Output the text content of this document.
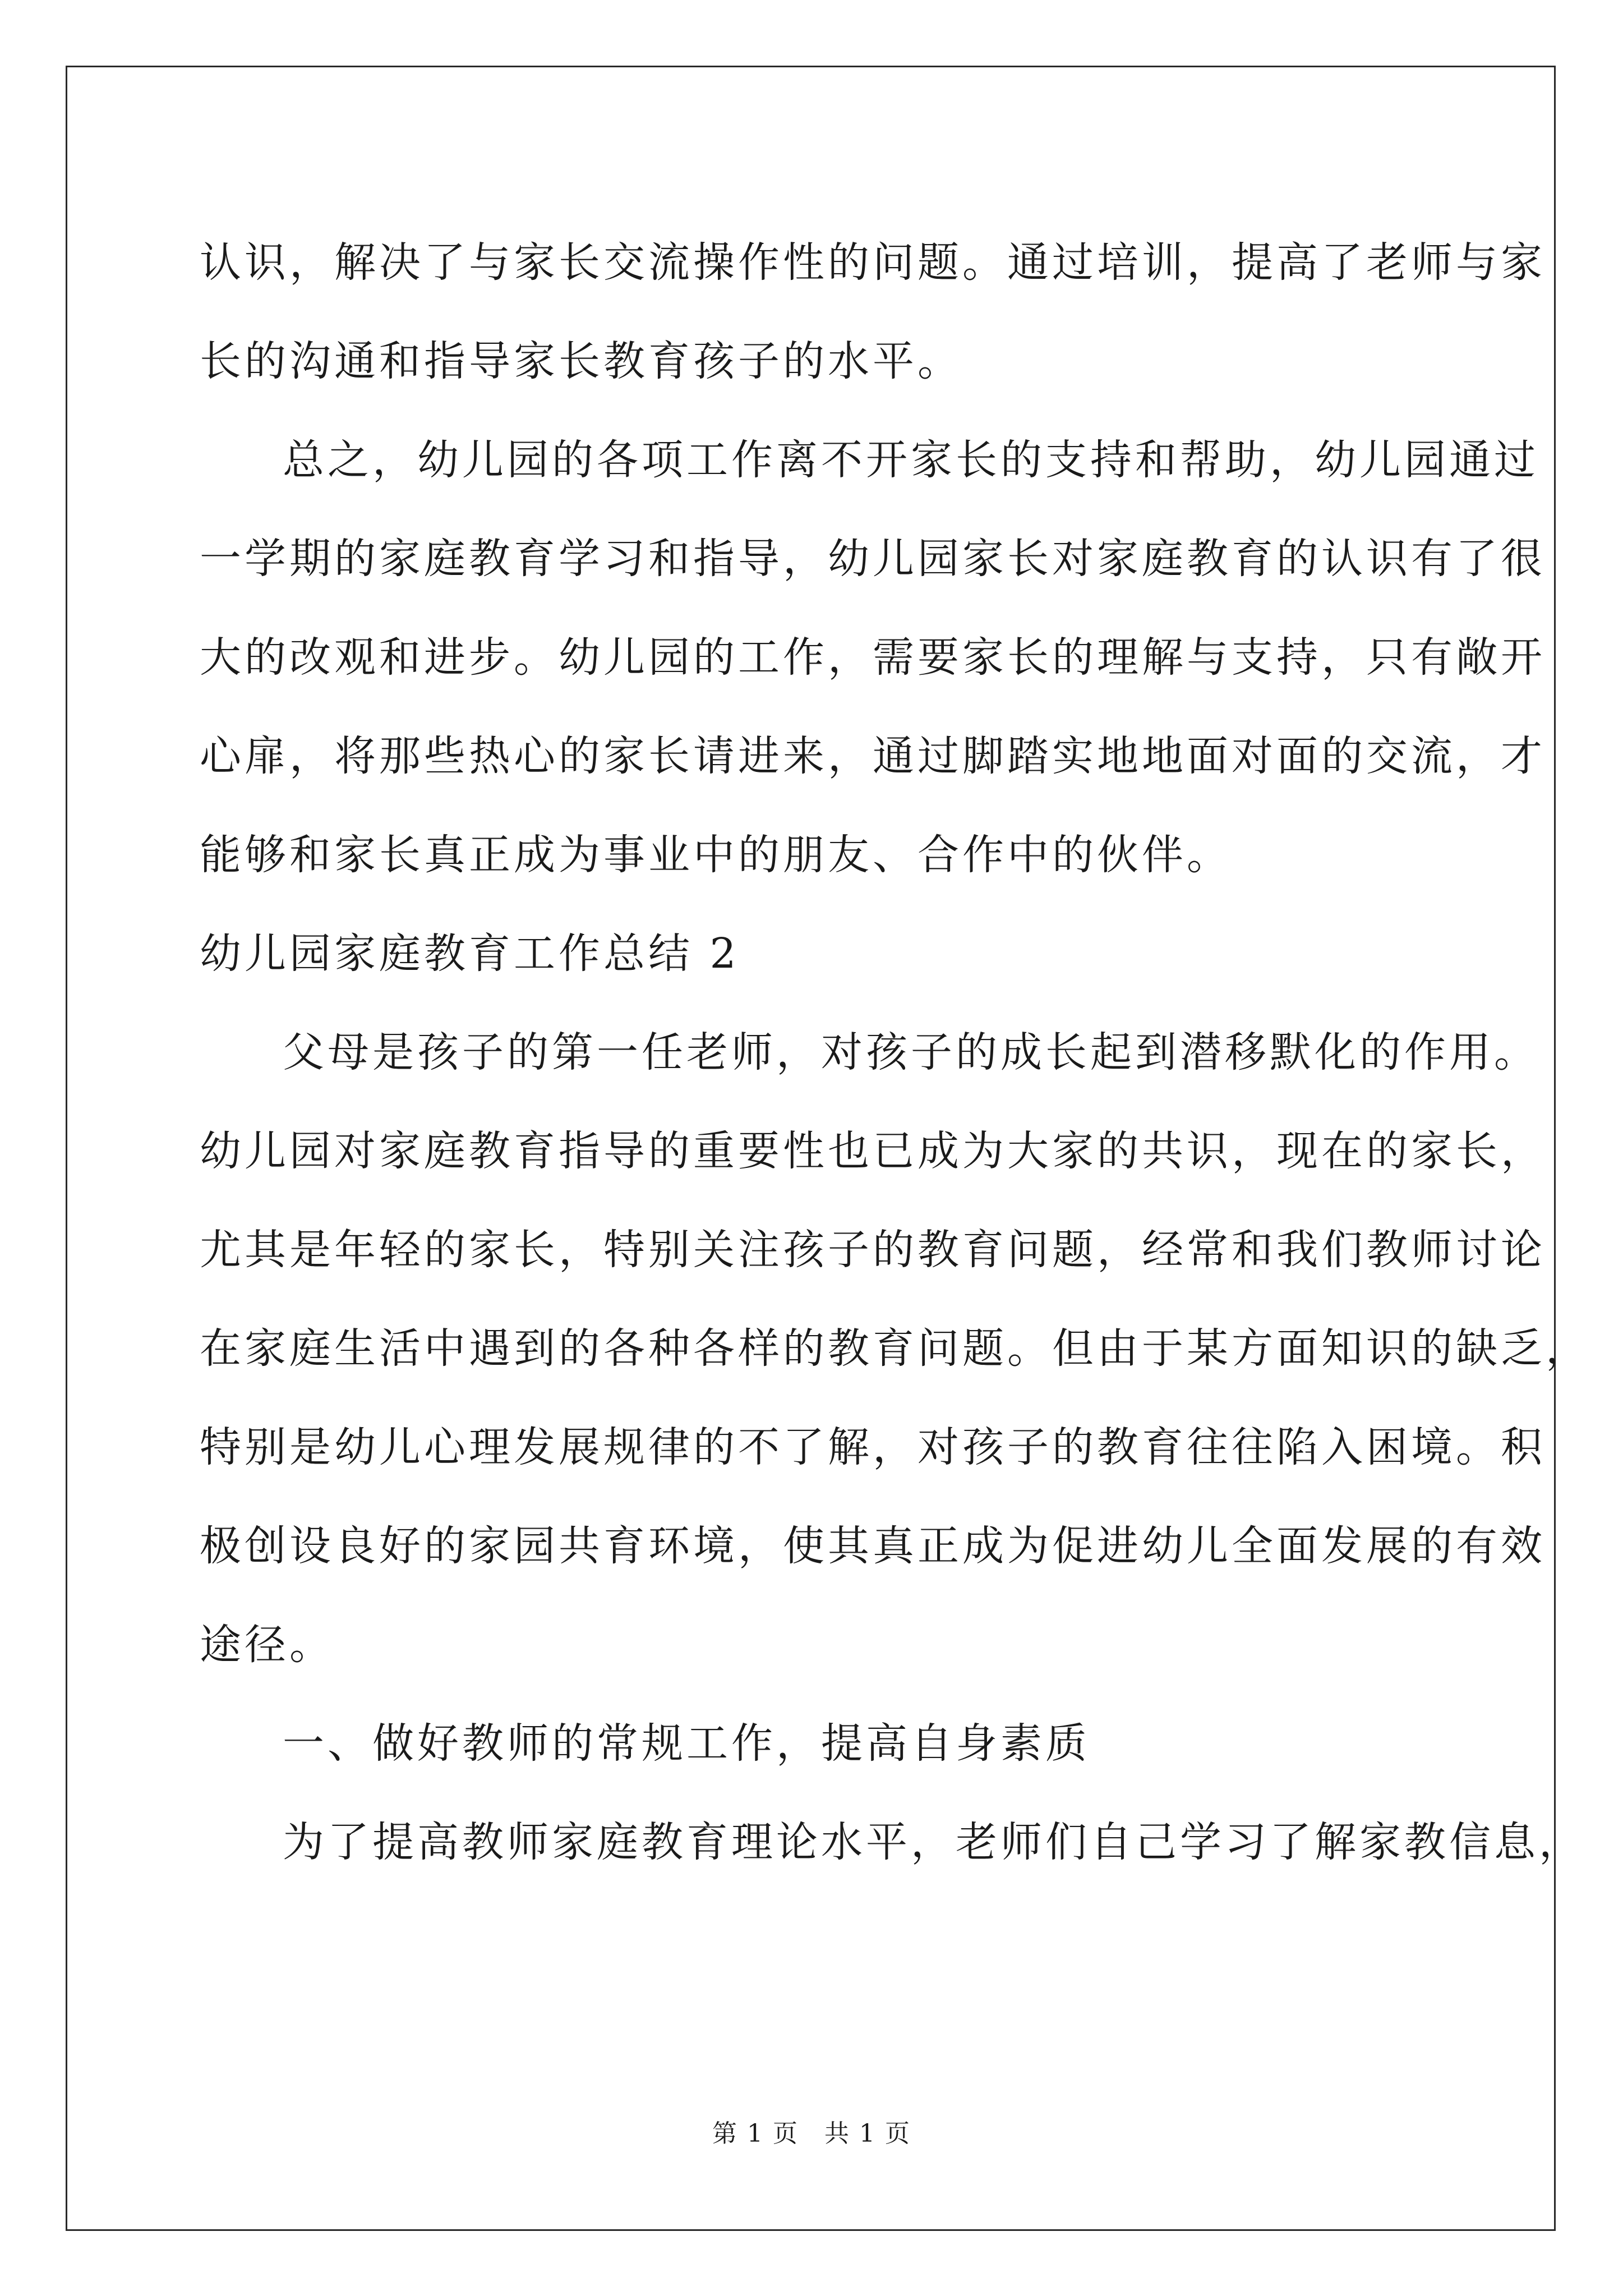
认识，解决了与家长交流操作性的问题。通过培训，提高了老师与家
长的沟通和指导家长教育孩子的水平。
总之，幼儿园的各项工作离不开家长的支持和帮助，幼儿园通过
一学期的家庭教育学习和指导，幼儿园家长对家庭教育的认识有了很
大的改观和进步。幼儿园的工作，需要家长的理解与支持，只有敞开
心扉，将那些热心的家长请进来，通过脚踏实地地面对面的交流，才
能够和家长真正成为事业中的朋友、合作中的伙伴。
幼儿园家庭教育工作总结 2
父母是孩子的第一任老师，对孩子的成长起到潜移默化的作用。
幼儿园对家庭教育指导的重要性也已成为大家的共识，现在的家长，
尤其是年轻的家长，特别关注孩子的教育问题，经常和我们教师讨论
在家庭生活中遇到的各种各样的教育问题。但由于某方面知识的缺乏，
特别是幼儿心理发展规律的不了解，对孩子的教育往往陷入困境。积
极创设良好的家园共育环境，使其真正成为促进幼儿全面发展的有效
途径。
一、做好教师的常规工作，提高自身素质
为了提高教师家庭教育理论水平，老师们自己学习了解家教信息，
第 1 页　共 1 页
